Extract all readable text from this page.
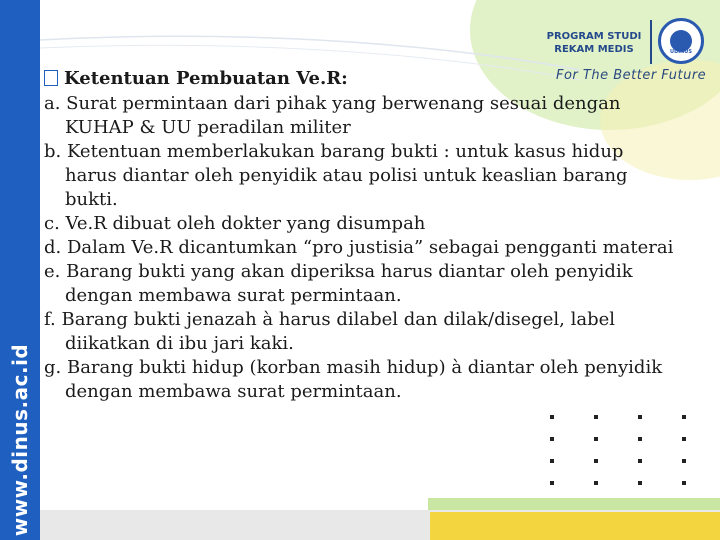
www.dinus.ac.id
PROGRAM STUDI
REKAM MEDIS	UDINUS
For The Better Future
Ketentuan Pembuatan Ve.R:
a. Surat permintaan dari pihak yang berwenang sesuai dengan KUHAP & UU peradilan militer
b. Ketentuan memberlakukan barang bukti : untuk kasus hidup harus diantar oleh penyidik atau polisi untuk keaslian barang bukti.
c. Ve.R dibuat oleh dokter yang disumpah
d. Dalam Ve.R dicantumkan “pro justisia” sebagai pengganti materai
e. Barang bukti yang akan diperiksa harus diantar oleh penyidik dengan membawa surat permintaan.
f. Barang bukti jenazah à harus dilabel dan dilak/disegel, label diikatkan di ibu jari kaki.
g. Barang bukti hidup (korban masih hidup) à diantar oleh penyidik dengan membawa surat permintaan.
